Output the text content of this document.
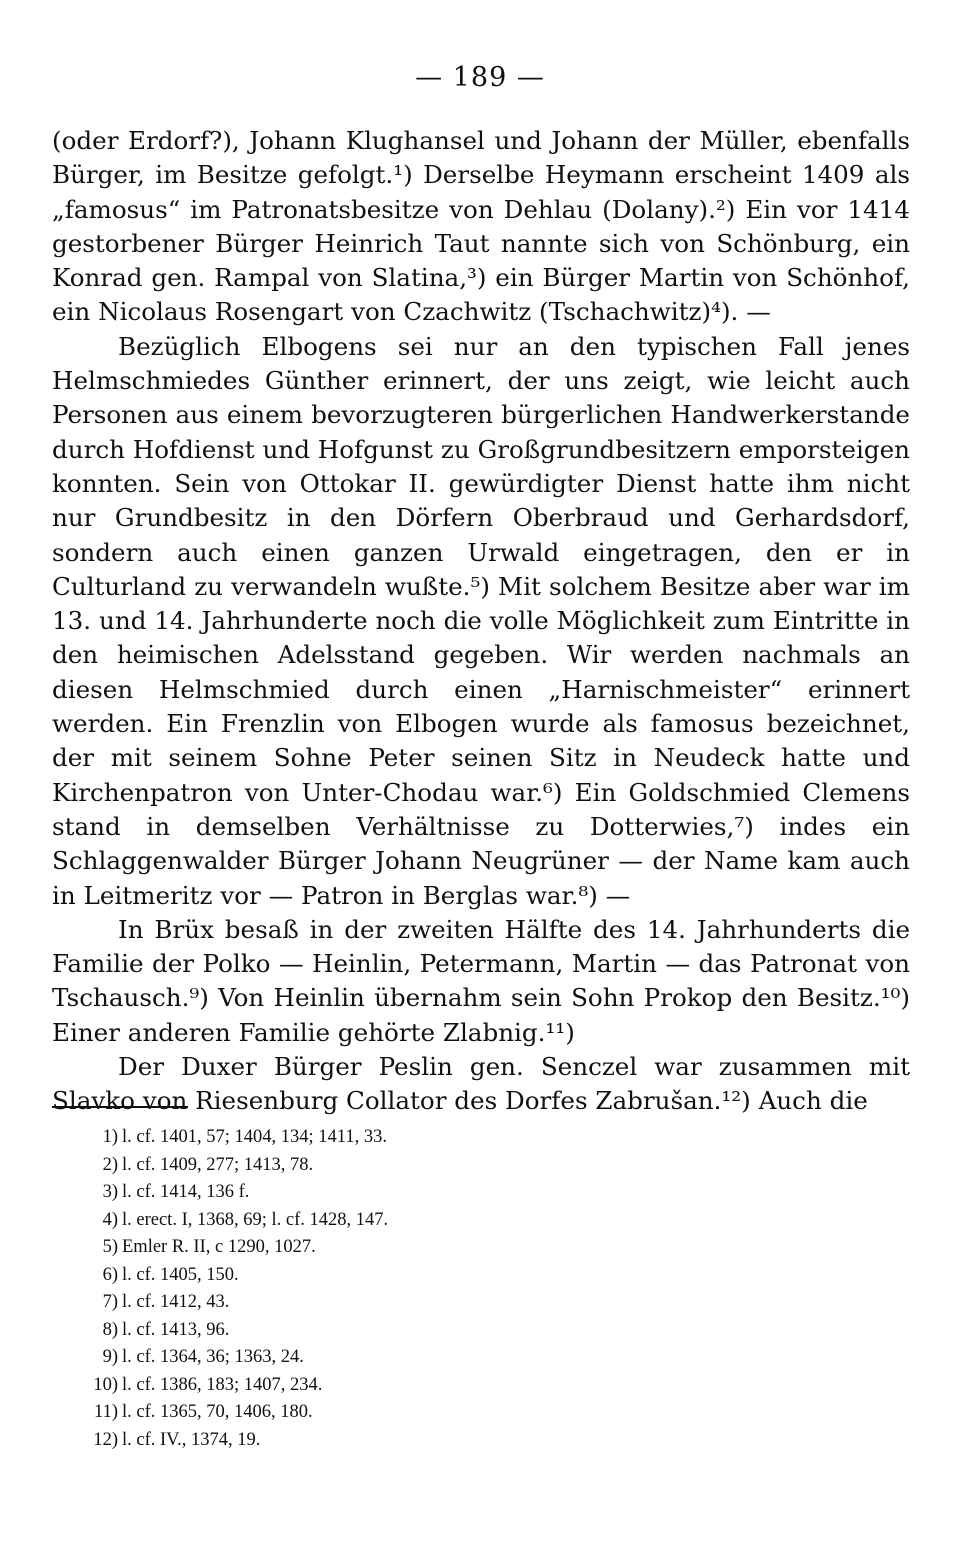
— 189 —

(oder Erdorf?), Johann Klughansel und Johann der Müller, ebenfalls Bürger, im Besitze gefolgt.¹) Derselbe Heymann erscheint 1409 als „famosus“ im Patronatsbesitze von Dehlau (Dolany).²) Ein vor 1414 gestorbener Bürger Heinrich Taut nannte sich von Schönburg, ein Konrad gen. Rampal von Slatina,³) ein Bürger Martin von Schönhof, ein Nicolaus Rosengart von Czachwitz (Tschachwitz)⁴). —

Bezüglich Elbogens sei nur an den typischen Fall jenes Helmschmiedes Günther erinnert, der uns zeigt, wie leicht auch Personen aus einem bevorzugteren bürgerlichen Handwerkerstande durch Hofdienst und Hofgunst zu Großgrundbesitzern emporsteigen konnten. Sein von Ottokar II. gewürdigter Dienst hatte ihm nicht nur Grundbesitz in den Dörfern Oberbraud und Gerhardsdorf, sondern auch einen ganzen Urwald eingetragen, den er in Culturland zu verwandeln wußte.⁵) Mit solchem Besitze aber war im 13. und 14. Jahrhunderte noch die volle Möglichkeit zum Eintritte in den heimischen Adelsstand gegeben. Wir werden nachmals an diesen Helmschmied durch einen „Harnischmeister“ erinnert werden. Ein Frenzlin von Elbogen wurde als famosus bezeichnet, der mit seinem Sohne Peter seinen Sitz in Neudeck hatte und Kirchenpatron von Unter-Chodau war.⁶) Ein Goldschmied Clemens stand in demselben Verhältnisse zu Dotterwies,⁷) indes ein Schlaggenwalder Bürger Johann Neugrüner — der Name kam auch in Leitmeritz vor — Patron in Berglas war.⁸) —

In Brüx besaß in der zweiten Hälfte des 14. Jahrhunderts die Familie der Polko — Heinlin, Petermann, Martin — das Patronat von Tschausch.⁹) Von Heinlin übernahm sein Sohn Prokop den Besitz.¹⁰) Einer anderen Familie gehörte Zlabnig.¹¹)

Der Duxer Bürger Peslin gen. Senczel war zusammen mit Slavko von Riesenburg Collator des Dorfes Zabrušan.¹²) Auch die

1) l. cf. 1401, 57; 1404, 134; 1411, 33.
2) l. cf. 1409, 277; 1413, 78.
3) l. cf. 1414, 136 f.
4) l. erect. I, 1368, 69; l. cf. 1428, 147.
5) Emler R. II, c 1290, 1027.
6) l. cf. 1405, 150.
7) l. cf. 1412, 43.
8) l. cf. 1413, 96.
9) l. cf. 1364, 36; 1363, 24.
10) l. cf. 1386, 183; 1407, 234.
11) l. cf. 1365, 70, 1406, 180.
12) l. cf. IV., 1374, 19.
